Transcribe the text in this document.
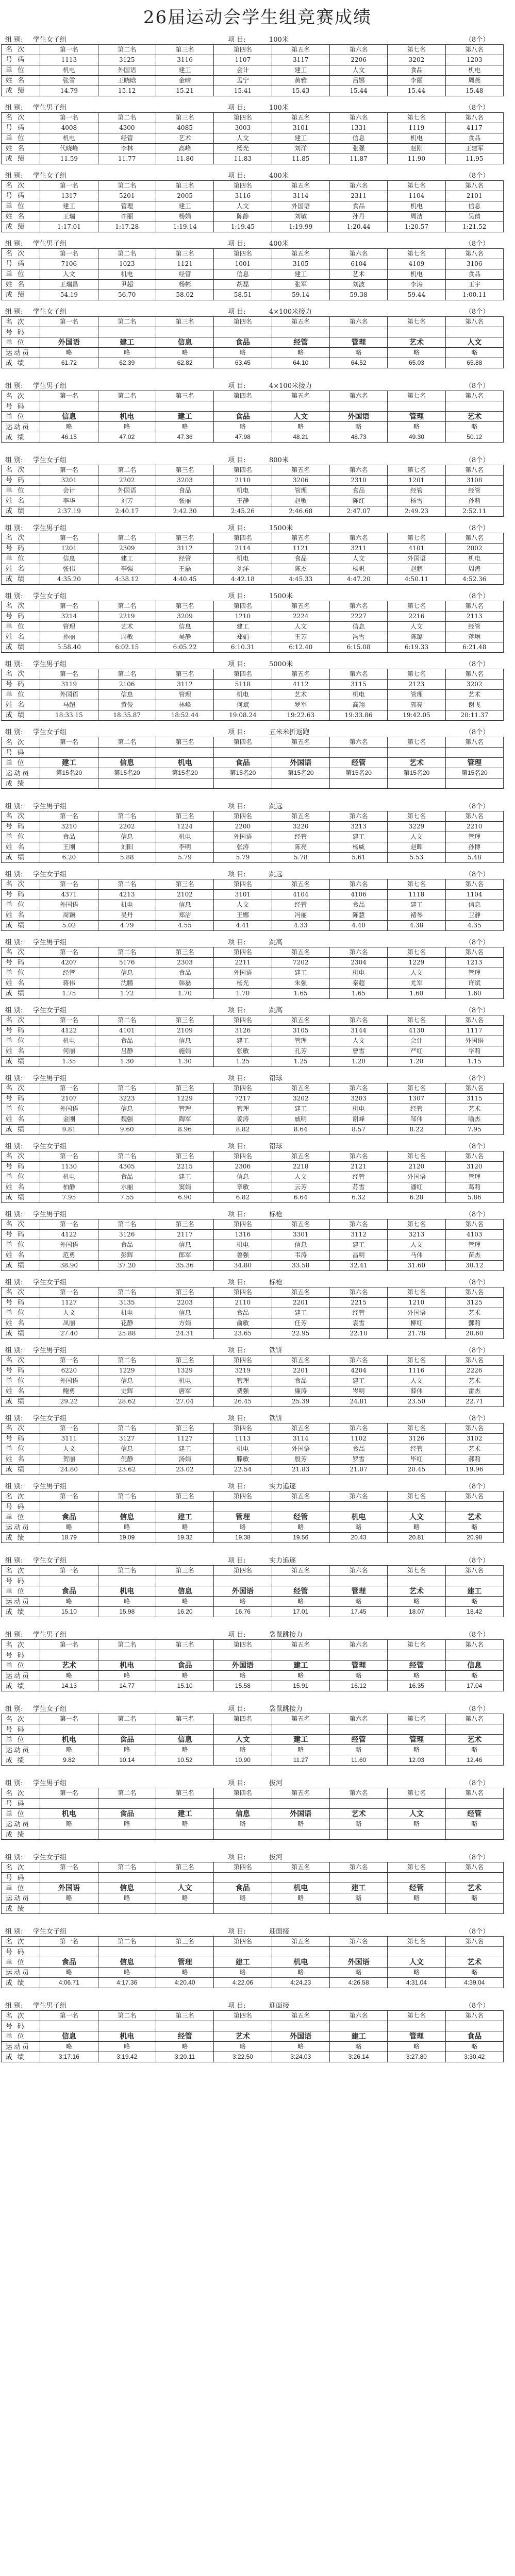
26届运动会学生组竞赛成绩
组 别: 学生女子组	项 目:	100米	（8个）
名 次	第一名	第二名	第三名	第四名	第五名	第六名	第七名	第八名
号 码	1113	3125	3116	1107	3117	2206	3202	1203
单 位	机电	外国语	建工	会计	建工	人文	食品	机电
姓 名	张雪	王晓晗	金晴	孟宁	黄雅	吕娜	李丽	周燕
成 绩	14.79	15.12	15.21	15.41	15.43	15.44	15.44	15.48
组 别: 学生男子组	项 目:	100米	（8个）
名 次	第一名	第二名	第三名	第四名	第五名	第六名	第七名	第八名
号 码	4008	4300	4085	3003	3101	1331	1119	4117
单 位	机电	经管	艺术	人文	建工	信息	机电	食品
姓 名	代晓峰	李林	高峰	杨光	刘洋	张强	赵刚	王建军
成 绩	11.59	11.77	11.80	11.83	11.85	11.87	11.90	11.95
组 别: 学生女子组	项 目:	400米	（8个）
名 次	第一名	第二名	第三名	第四名	第五名	第六名	第七名	第八名
号 码	1317	5201	2005	3116	3114	2311	1104	2101
单 位	建工	管理	建工	人文	外国语	食品	机电	信息
姓 名	王瑞	许丽	杨娟	陈静	刘敏	孙丹	周洁	吴倩
成 绩	1:17.01	1:17.28	1:19.14	1:19.45	1:19.99	1:20.44	1:20.57	1:21.52
组 别: 学生男子组	项 目:	400米	（8个）
名 次	第一名	第二名	第三名	第四名	第五名	第六名	第七名	第八名
号 码	7106	1023	1121	1001	3105	6104	4109	3106
单 位	人文	机电	经管	信息	建工	艺术	机电	食品
姓 名	王瑞昌	尹超	杨彬	胡磊	张军	刘波	李涛	王宇
成 绩	54.19	56.70	58.02	58.51	59.14	59.38	59.44	1:00.11
组 别: 学生女子组	项 目:	4×100米接力	（8个）
名 次	第一名	第二名	第三名	第四名	第五名	第六名	第七名	第八名
号 码								
单 位	外国语	建工	信息	食品	经管	管理	艺术	人文
运动员	略	略	略	略	略	略	略	略
成 绩	61.72	62.39	62.82	63.45	64.10	64.52	65.03	65.88
组 别: 学生男子组	项 目:	4×100米接力	（8个）
名 次	第一名	第二名	第三名	第四名	第五名	第六名	第七名	第八名
号 码								
单 位	信息	机电	建工	食品	人文	外国语	管理	艺术
运动员	略	略	略	略	略	略	略	略
成 绩	46.15	47.02	47.36	47.98	48.21	48.73	49.30	50.12
组 别: 学生女子组	项 目:	800米	（8个）
名 次	第一名	第二名	第三名	第四名	第五名	第六名	第七名	第八名
号 码	3201	2202	3203	2110	3206	2310	1201	3108
单 位	会计	外国语	食品	机电	管理	食品	经管	经管
姓 名	李华	刘芳	张丽	王静	赵敏	陈红	杨雪	孙莉
成 绩	2:37.19	2:40.17	2:42.30	2:45.26	2:46.68	2:47.07	2:49.23	2:52.11
组 别: 学生男子组	项 目:	1500米	（8个）
名 次	第一名	第二名	第三名	第四名	第五名	第六名	第七名	第八名
号 码	1201	2309	3112	2114	1121	3211	4101	2002
单 位	信息	建工	经管	机电	食品	人文	外国语	机电
姓 名	张伟	李强	王磊	刘洋	陈杰	杨帆	赵鹏	周涛
成 绩	4:35.20	4:38.12	4:40.45	4:42.18	4:45.33	4:47.20	4:50.11	4:52.36
组 别: 学生女子组	项 目:	1500米	（8个）
名 次	第一名	第二名	第三名	第四名	第五名	第六名	第七名	第八名
号 码	3214	2219	3209	1210	2224	2227	2216	2113
单 位	管理	艺术	信息	建工	人文	信息	人文	经管
姓 名	孙丽	周敏	吴静	郑娟	王芳	冯雪	陈璐	蒋琳
成 绩	5:58.40	6:02.15	6:05.22	6:10.31	6:12.40	6:15.08	6:19.33	6:21.48
组 别: 学生男子组	项 目:	5000米	（8个）
名 次	第一名	第二名	第三名	第四名	第五名	第六名	第七名	第八名
号 码	3119	2106	3112	5118	4112	3115	2123	3202
单 位	外国语	信息	管理	机电	艺术	机电	管理	艺术
姓 名	马超	黄俊	林峰	何斌	罗军	高翔	郭亮	谢飞
成 绩	18:33.15	18:35.87	18:52.44	19:08.24	19:22.63	19:33.86	19:42.05	20:11.37
组 别: 学生女子组	项 目:	五米米折返跑	（8个）
名 次	第一名	第二名	第三名	第四名	第五名	第六名	第七名	第八名
号 码								
单 位	建工	信息	机电	食品	外国语	经管	艺术	管理
运动员	第15名20	第15名20	第15名20	第15名20	第15名20	第15名20	第15名20	第15名20
成 绩								
组 别: 学生男子组	项 目:	跳远	（8个）
名 次	第一名	第二名	第三名	第四名	第五名	第六名	第七名	第八名
号 码	3210	2202	1224	2200	3220	3213	3229	2210
单 位	食品	信息	机电	外国语	经管	建工	人文	管理
姓 名	王刚	刘阳	李明	张涛	陈亮	杨威	赵晖	孙博
成 绩	6.20	5.88	5.79	5.79	5.78	5.61	5.53	5.48
组 别: 学生女子组	项 目:	跳远	（8个）
名 次	第一名	第二名	第三名	第四名	第五名	第六名	第七名	第八名
号 码	4371	4213	2102	3101	4104	4106	1118	1104
单 位	外国语	机电	信息	人文	经管	食品	建工	信息
姓 名	周颖	吴丹	郑洁	王娜	冯丽	陈慧	褚琴	卫静
成 绩	5.02	4.79	4.55	4.41	4.33	4.40	4.38	4.35
组 别: 学生男子组	项 目:	跳高	（8个）
名 次	第一名	第二名	第三名	第四名	第五名	第六名	第七名	第八名
号 码	4207	5176	2303	2211	7202	2304	1229	1213
单 位	经管	信息	食品	外国语	建工	机电	人文	管理
姓 名	蒋伟	沈鹏	韩磊	杨光	朱强	秦超	尤军	许斌
成 绩	1.75	1.72	1.70	1.70	1.65	1.65	1.60	1.60
组 别: 学生女子组	项 目:	跳高	（8个）
名 次	第一名	第二名	第三名	第四名	第五名	第六名	第七名	第八名
号 码	4122	4101	2109	3126	3105	3144	4130	1117
单 位	机电	食品	信息	建工	管理	人文	会计	外国语
姓 名	何丽	吕静	施娟	张敏	孔芳	曹雪	严红	华莉
成 绩	1.35	1.30	1.30	1.25	1.25	1.20	1.20	1.15
组 别: 学生男子组	项 目:	铅球	（8个）
名 次	第一名	第二名	第三名	第四名	第五名	第六名	第七名	第八名
号 码	2107	3223	1229	7217	3202	3203	1307	3115
单 位	外国语	信息	管理	管理	建工	机电	经管	艺术
姓 名	金刚	魏强	陶军	姜涛	戚明	谢峰	邹伟	喻杰
成 绩	9.81	9.60	8.96	8.82	8.64	8.57	8.22	7.95
组 别: 学生女子组	项 目:	铅球	（8个）
名 次	第一名	第二名	第三名	第四名	第五名	第六名	第七名	第八名
号 码	1130	4305	2215	2306	2218	2121	2120	3120
单 位	机电	食品	建工	信息	人文	经管	外国语	管理
姓 名	柏静	水丽	窦娟	章敏	云芳	苏雪	潘红	葛莉
成 绩	7.95	7.55	6.90	6.82	6.64	6.32	6.28	5.86
组 别: 学生男子组	项 目:	标枪	（8个）
名 次	第一名	第二名	第三名	第四名	第五名	第六名	第七名	第八名
号 码	4122	3126	2117	1316	3301	3112	3213	4103
单 位	外国语	食品	信息	机电	信息	建工	人文	管理
姓 名	范勇	彭辉	郎军	鲁强	韦涛	昌明	马伟	苗杰
成 绩	38.90	37.20	35.36	34.80	33.58	32.41	31.60	30.12
组 别: 学生女子组	项 目:	标枪	（8个）
名 次	第一名	第二名	第三名	第四名	第五名	第六名	第七名	第八名
号 码	1127	3135	2203	2110	2201	2215	1210	3125
单 位	人文	机电	信息	食品	建工	经管	外国语	艺术
姓 名	凤丽	花静	方娟	俞敏	任芳	袁雪	柳红	酆莉
成 绩	27.40	25.88	24.31	23.65	22.95	22.10	21.78	20.60
组 别: 学生男子组	项 目:	铁饼	（8个）
名 次	第一名	第二名	第三名	第四名	第五名	第六名	第七名	第八名
号 码	6220	1229	1329	3219	2201	4204	1116	2226
单 位	外国语	信息	机电	管理	食品	建工	人文	艺术
姓 名	鲍勇	史辉	唐军	费强	廉涛	岑明	薛伟	雷杰
成 绩	29.22	28.62	27.04	26.45	25.39	24.81	23.50	22.71
组 别: 学生女子组	项 目:	铁饼	（8个）
名 次	第一名	第二名	第三名	第四名	第五名	第六名	第七名	第八名
号 码	3111	3127	1127	1113	3114	1102	3126	3102
单 位	人文	信息	建工	机电	外国语	食品	经管	艺术
姓 名	贺丽	倪静	汤娟	滕敏	殷芳	罗雪	毕红	郝莉
成 绩	24.80	23.62	23.02	22.54	21.83	21.07	20.45	19.96
组 别: 学生男子组	项 目:	实力追逐	（8个）
名 次	第一名	第二名	第三名	第四名	第五名	第六名	第七名	第八名
号 码								
单 位	食品	信息	建工	管理	经管	机电	人文	艺术
运动员	略	略	略	略	略	略	略	略
成 绩	18.79	19.09	19.32	19.38	19.56	20.43	20.81	20.98
组 别: 学生女子组	项 目:	实力追逐	（8个）
名 次	第一名	第二名	第三名	第四名	第五名	第六名	第七名	第八名
号 码								
单 位	食品	机电	信息	外国语	经管	管理	艺术	建工
运动员	略	略	略	略	略	略	略	略
成 绩	15.10	15.98	16.20	16.76	17.01	17.45	18.07	18.42
组 别: 学生男子组	项 目:	袋鼠跳接力	（8个）
名 次	第一名	第二名	第三名	第四名	第五名	第六名	第七名	第八名
号 码								
单 位	艺术	机电	食品	外国语	建工	管理	经管	信息
运动员	略	略	略	略	略	略	略	略
成 绩	14.13	14.77	15.10	15.58	15.91	16.12	16.35	17.04
组 别: 学生女子组	项 目:	袋鼠跳接力	（8个）
名 次	第一名	第二名	第三名	第四名	第五名	第六名	第七名	第八名
号 码								
单 位	机电	食品	信息	人文	建工	经管	管理	艺术
运动员	略	略	略	略	略	略	略	略
成 绩	9.82	10.14	10.52	10.90	11.27	11.60	12.03	12.46
组 别: 学生男子组	项 目:	拔河	（8个）
名 次	第一名	第二名	第三名	第四名	第五名	第六名	第七名	第八名
号 码								
单 位	机电	食品	建工	信息	外国语	艺术	人文	经管
运动员	略	略	略	略	略	略	略	略
成 绩								
组 别: 学生女子组	项 目:	拔河	（8个）
名 次	第一名	第二名	第三名	第四名	第五名	第六名	第七名	第八名
号 码								
单 位	外国语	信息	人文	食品	机电	建工	经管	艺术
运动员	略	略	略	略	略	略	略	略
成 绩								
组 别: 学生女子组	项 目:	迎面接	（8个）
名 次	第一名	第二名	第三名	第四名	第五名	第六名	第七名	第八名
号 码								
单 位	食品	信息	管理	建工	机电	外国语	人文	艺术
运动员	略	略	略	略	略	略	略	略
成 绩	4:06.71	4:17.36	4:20.40	4:22.06	4:24.23	4:26.58	4:31.04	4:39.04
组 别: 学生男子组	项 目:	迎面接	（8个）
名 次	第一名	第二名	第三名	第四名	第五名	第六名	第七名	第八名
号 码								
单 位	信息	机电	经管	艺术	外国语	建工	管理	食品
运动员	略	略	略	略	略	略	略	略
成 绩	3:17.16	3:19.42	3:20.11	3:22.50	3:24.03	3:26.14	3:27.80	3:30.42
